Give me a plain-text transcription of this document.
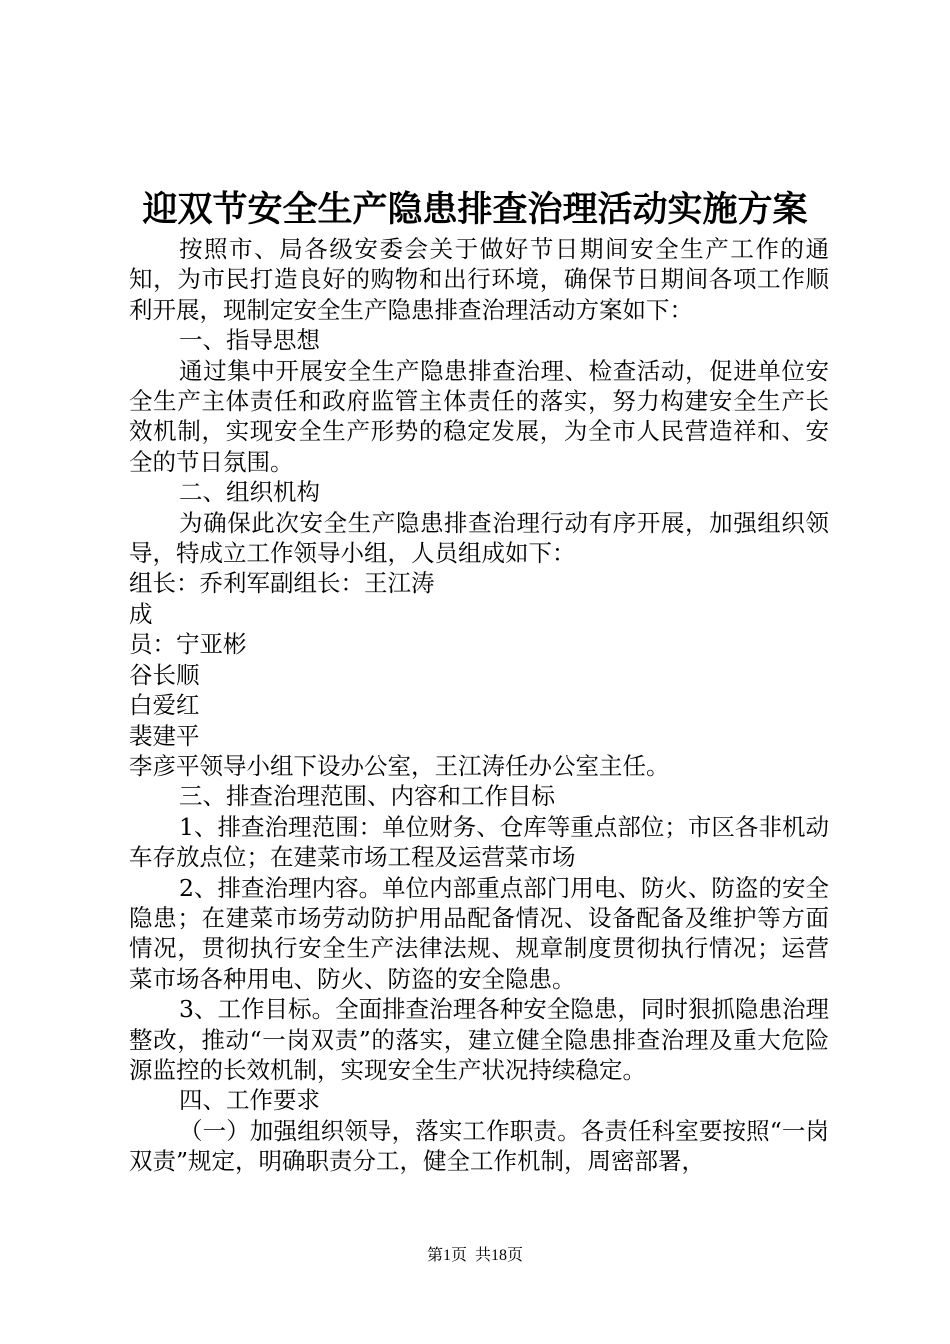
迎双节安全生产隐患排查治理活动实施方案

按照市、局各级安委会关于做好节日期间安全生产工作的通知，为市民打造良好的购物和出行环境，确保节日期间各项工作顺利开展，现制定安全生产隐患排查治理活动方案如下：

一、指导思想

通过集中开展安全生产隐患排查治理、检查活动，促进单位安全生产主体责任和政府监管主体责任的落实，努力构建安全生产长效机制，实现安全生产形势的稳定发展，为全市人民营造祥和、安全的节日氛围。

二、组织机构

为确保此次安全生产隐患排查治理行动有序开展，加强组织领导，特成立工作领导小组，人员组成如下：

组长：乔利军副组长：王江涛

成

员：宁亚彬

谷长顺

白爱红

裴建平

李彦平领导小组下设办公室，王江涛任办公室主任。

三、排查治理范围、内容和工作目标

1、排查治理范围：单位财务、仓库等重点部位；市区各非机动车存放点位；在建菜市场工程及运营菜市场

2、排查治理内容。单位内部重点部门用电、防火、防盗的安全隐患；在建菜市场劳动防护用品配备情况、设备配备及维护等方面情况，贯彻执行安全生产法律法规、规章制度贯彻执行情况；运营菜市场各种用电、防火、防盗的安全隐患。

3、工作目标。全面排查治理各种安全隐患，同时狠抓隐患治理整改，推动“一岗双责”的落实，建立健全隐患排查治理及重大危险源监控的长效机制，实现安全生产状况持续稳定。

四、工作要求

（一）加强组织领导，落实工作职责。各责任科室要按照“一岗双责”规定，明确职责分工，健全工作机制，周密部署，

第1页  共18页
